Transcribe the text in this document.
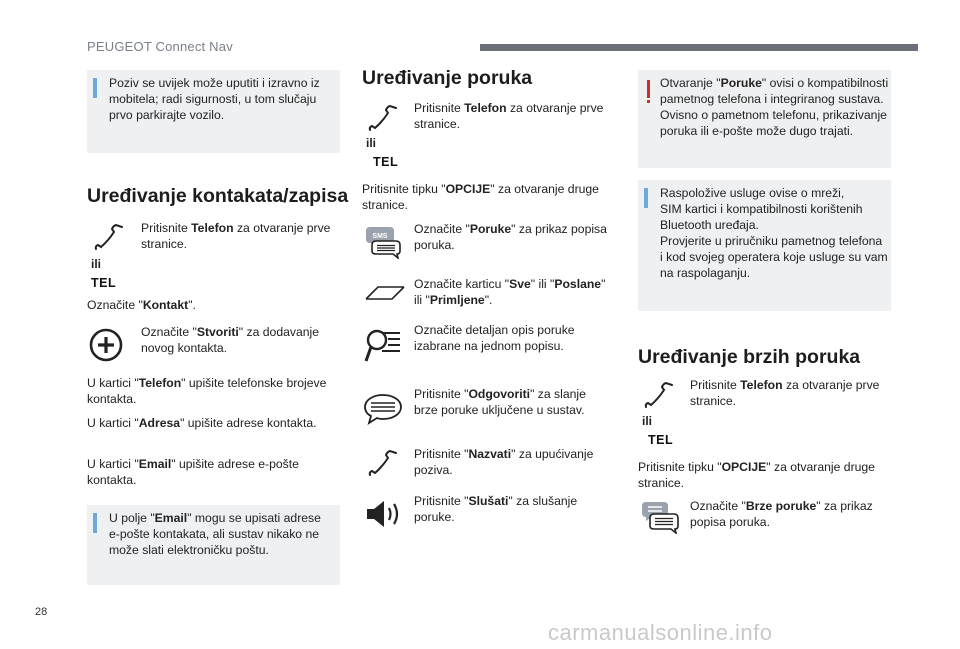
PEUGEOT Connect Nav
Poziv se uvijek može uputiti i izravno iz
mobitela; radi sigurnosti, u tom slučaju
prvo parkirajte vozilo.
Uređivanje kontakata/zapisa
Pritisnite Telefon za otvaranje prve
stranice.
ili
TEL
Označite "Kontakt".
Označite "Stvoriti" za dodavanje
novog kontakta.
U kartici "Telefon" upišite telefonske brojeve
kontakta.
U kartici "Adresa" upišite adrese kontakta.
U kartici "Email" upišite adrese e-pošte
kontakta.
U polje "Email" mogu se upisati adrese
e-pošte kontakata, ali sustav nikako ne
može slati elektroničku poštu.
Uređivanje poruka
Pritisnite Telefon za otvaranje prve
stranice.
ili
TEL
Pritisnite tipku "OPCIJE" za otvaranje druge
stranice.
SMS
Označite "Poruke" za prikaz popisa
poruka.
Označite karticu "Sve" ili "Poslane"
ili "Primljene".
Označite detaljan opis poruke
izabrane na jednom popisu.
Pritisnite "Odgovoriti" za slanje
brze poruke uključene u sustav.
Pritisnite "Nazvati" za upućivanje
poziva.
Pritisnite "Slušati" za slušanje
poruke.
Otvaranje "Poruke" ovisi o kompatibilnosti
pametnog telefona i integriranog sustava.
Ovisno o pametnom telefonu, prikazivanje
poruka ili e-pošte može dugo trajati.
Raspoložive usluge ovise o mreži,
SIM kartici i kompatibilnosti korištenih
Bluetooth uređaja.
Provjerite u priručniku pametnog telefona
i kod svojeg operatera koje usluge su vam
na raspolaganju.
Uređivanje brzih poruka
Pritisnite Telefon za otvaranje prve
stranice.
ili
TEL
Pritisnite tipku "OPCIJE" za otvaranje druge
stranice.
Označite "Brze poruke" za prikaz
popisa poruka.
28
carmanualsonline.info
